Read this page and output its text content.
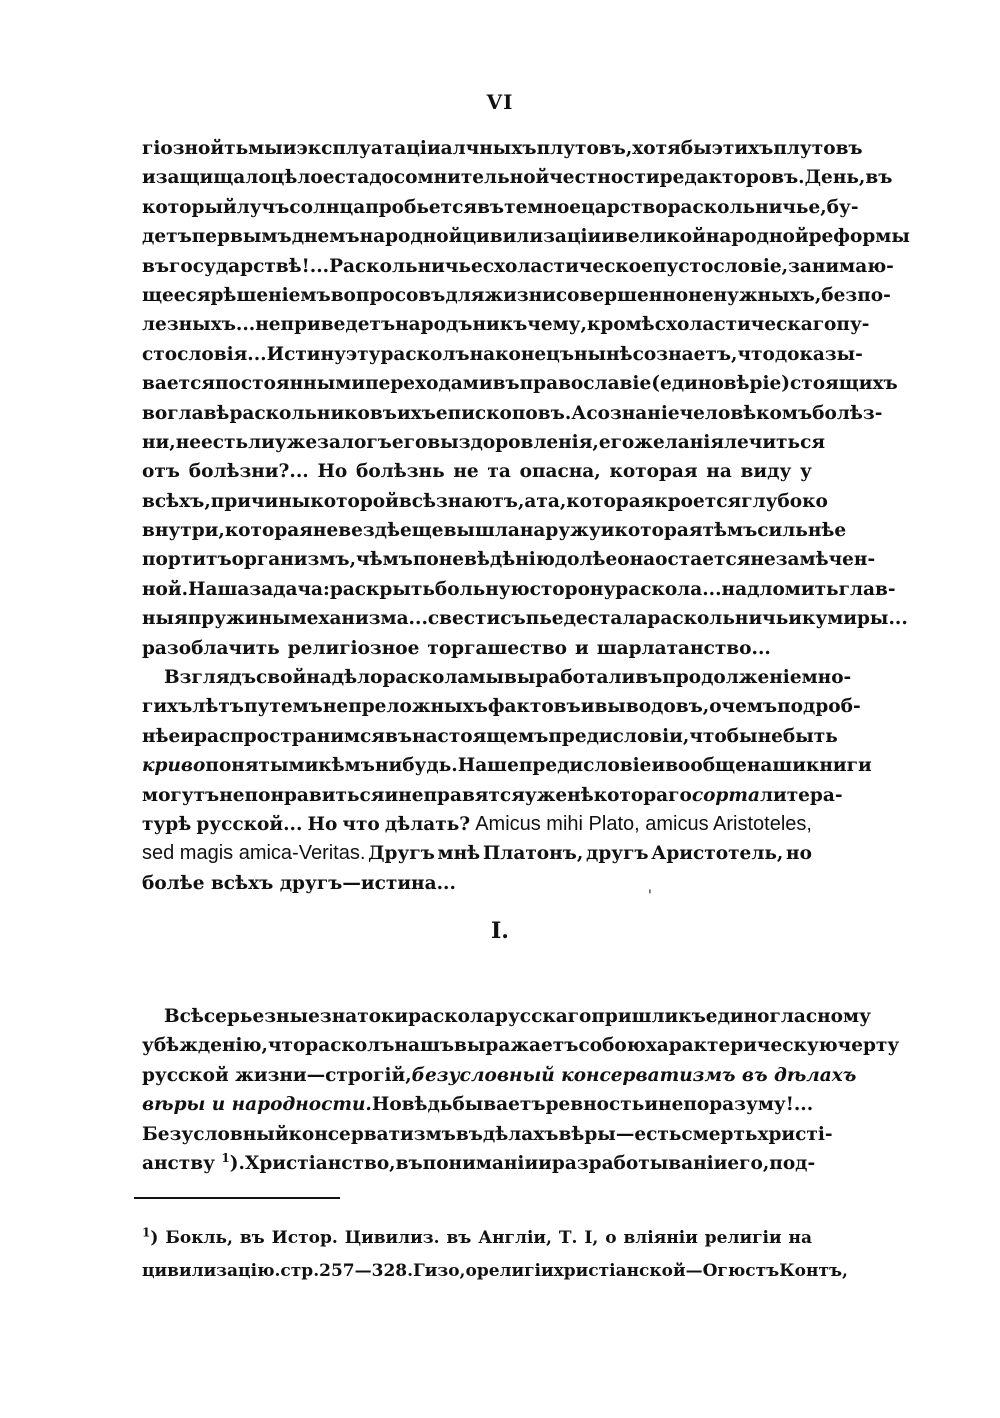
VI
гіозной тьмы и эксплуатаціи алчныхъ плутовъ, хотя бы этихъ плутовъ
и защищало цѣлое стадо сомнительной честности редакторовъ. День, въ
который лучъ солнца пробьется въ темное царство раскольничье, бу-
детъ первымъ днемъ народной цивилизаціи и великой народной реформы
въ государствѣ!... Раскольничье схоластическое пустословіе, занимаю-
щееся рѣшеніемъ вопросовъ для жизни совершенно ненужныхъ, безпо-
лезныхъ...неприведетъ народъ ни къ чему, кромѣ схоластическаго пу-
стословія... Истину эту расколъ наконецъ нынѣ сознаетъ, что доказы-
вается постоянными переходами въ православіе (единовѣріе) стоящихъ
во главѣ раскольниковъ ихъ епископовъ. А сознаніе человѣкомъ болѣз-
ни, не есть ли уже залогъ его выздоровленія, его желанія лечиться
отъ болѣзни?... Но болѣзнь не та опасна, которая на виду у
всѣхъ, причины которой всѣ знаютъ, а та, которая кроется глубоко
внутри, которая не вездѣ еще вышла наружу и которая тѣмъ сильнѣе
портитъ организмъ, чѣмъ по невѣдѣнію долѣе она остается незамѣчен-
ной. Наша задача: раскрыть больную сторону раскола... надломить глав-
ныя пружины механизма... свести съ пьедестала раскольничьи кумиры...
разоблачить религіозное торгашество и шарлатанство...
Взглядъ свой на дѣло раскола мы выработали въ продолженіе мно-
гихъ лѣтъ путемъ непреложныхъ фактовъ и выводовъ, о чемъ подроб-
нѣе и распространимся въ настоящемъ предисловіи, чтобы не быть
криво понятыми кѣмъ нибудь. Наше предисловіе и вообще наши книги
могутъ непонравиться и неправятся уже нѣкотораго сорта литера-
турѣ русской... Но что дѣлать? Amicus mihi Plato, amicus Aristoteles,
sed magis amica-Veritas. Другъ мнѣ Платонъ, другъ Аристотель, но
болѣе всѣхъ другъ—истина...
'
I.
Всѣ серьезные знатоки раскола русскаго пришли къ единогласному
убѣжденію, что расколъ нашъ выражаетъ собою характерическую черту
русской жизни—строгій, безусловный консерватизмъ въ дѣлахъ
вѣры и народности. Но вѣдь бываетъ ревность и не по разуму!...
Безусловный консерватизмъ въ дѣлахъ вѣры — есть смерть христі-
анству $^1$ ). Христіанство, въ пониманіи и разработываніи его, под-
$^1$) Бокль, въ Истор. Цивилиз. въ Англіи, Т. I, о вліяніи религіи на
цивилизацію. стр. 257—328. Гизо, о религіи христіанской—Огюстъ Контъ,
